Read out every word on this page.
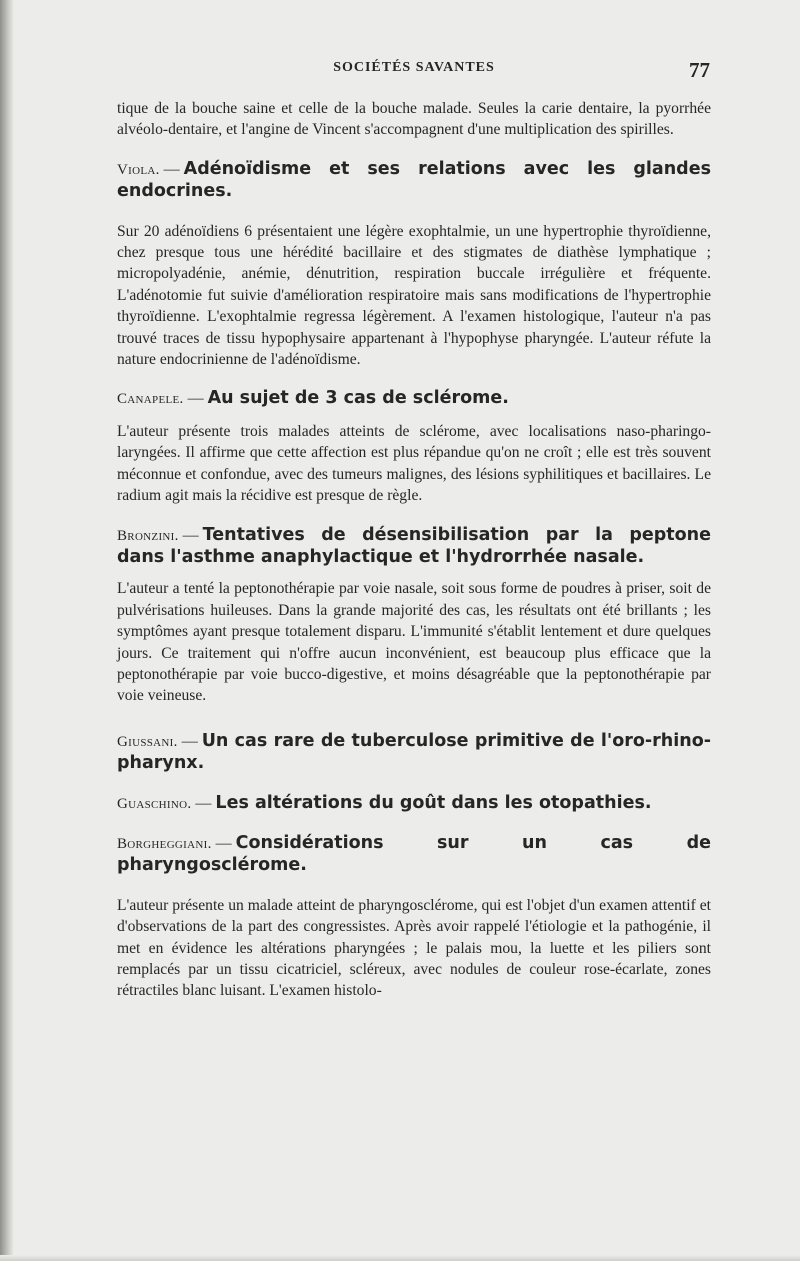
SOCIÉTÉS SAVANTES	77

tique de la bouche saine et celle de la bouche malade. Seules la carie dentaire, la pyorrhée alvéolo-dentaire, et l'angine de Vincent s'accompagnent d'une multiplication des spirilles.

Viola. — Adénoïdisme et ses relations avec les glandes endocrines.

Sur 20 adénoïdiens 6 présentaient une légère exophtalmie, un une hypertrophie thyroïdienne, chez presque tous une hérédité bacillaire et des stigmates de diathèse lymphatique ; micropolyadénie, anémie, dénutrition, respiration buccale irrégulière et fréquente. L'adénotomie fut suivie d'amélioration respiratoire mais sans modifications de l'hypertrophie thyroïdienne. L'exophtalmie regressa légèrement. A l'examen histologique, l'auteur n'a pas trouvé traces de tissu hypophysaire appartenant à l'hypophyse pharyngée. L'auteur réfute la nature endocrinienne de l'adénoïdisme.

Canapele. — Au sujet de 3 cas de sclérome.

L'auteur présente trois malades atteints de sclérome, avec localisations naso-pharingo-laryngées. Il affirme que cette affection est plus répandue qu'on ne croît ; elle est très souvent méconnue et confondue, avec des tumeurs malignes, des lésions syphilitiques et bacillaires. Le radium agit mais la récidive est presque de règle.

Bronzini. — Tentatives de désensibilisation par la peptone dans l'asthme anaphylactique et l'hydrorrhée nasale.

L'auteur a tenté la peptonothérapie par voie nasale, soit sous forme de poudres à priser, soit de pulvérisations huileuses. Dans la grande majorité des cas, les résultats ont été brillants ; les symptômes ayant presque totalement disparu. L'immunité s'établit lentement et dure quelques jours. Ce traitement qui n'offre aucun inconvénient, est beaucoup plus efficace que la peptonothérapie par voie bucco-digestive, et moins désagréable que la peptonothérapie par voie veineuse.

Giussani. — Un cas rare de tuberculose primitive de l'oro-rhino-pharynx.

Guaschino. — Les altérations du goût dans les otopathies.

Borgheggiani. — Considérations sur un cas de pharyngosclérome.

L'auteur présente un malade atteint de pharyngosclérome, qui est l'objet d'un examen attentif et d'observations de la part des congressistes. Après avoir rappelé l'étiologie et la pathogénie, il met en évidence les altérations pharyngées ; le palais mou, la luette et les piliers sont remplacés par un tissu cicatriciel, scléreux, avec nodules de couleur rose-écarlate, zones rétractiles blanc luisant. L'examen histolo-
